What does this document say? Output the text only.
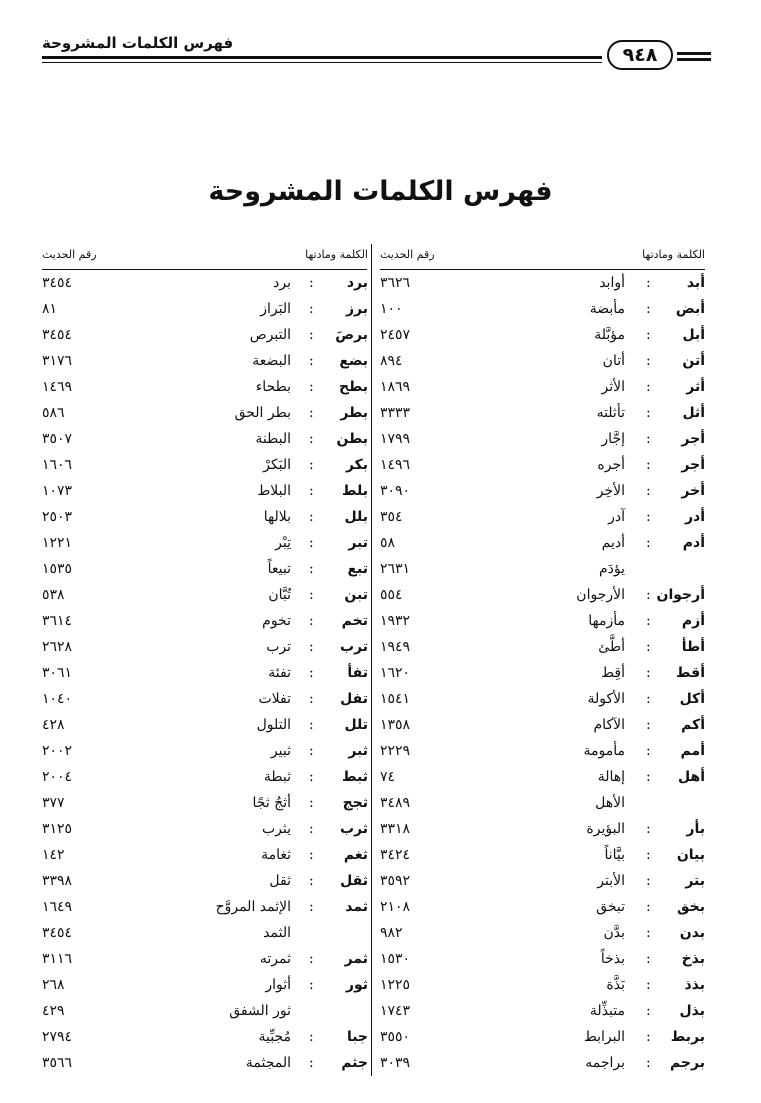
فهرس الكلمات المشروحة
٩٤٨
فهرس الكلمات المشروحة
الكلمة ومادتها
رقم الحديث
الكلمة ومادتها
رقم الحديث
أبد
:
أوابد
٣٦٢٦
برد
:
برد
٣٤٥٤
أبض
:
مأبضة
١٠٠
برز
:
البَراز
٨١
أبل
:
مؤبَّلة
٢٤٥٧
برصَ
:
التبرص
٣٤٥٤
أتن
:
أتان
٨٩٤
بضع
:
البضعة
٣١٧٦
أثر
:
الأثر
١٨٦٩
بطح
:
بطحاء
١٤٦٩
أثل
:
تأثلته
٣٣٣٣
بطر
:
بطر الحق
٥٨٦
أجر
:
إجَّار
١٧٩٩
بطن
:
البطنة
٣٥٠٧
أجر
:
أجره
١٤٩٦
بكر
:
البَكرْ
١٦٠٦
أخر
:
الأخِر
٣٠٩٠
بلط
:
البلاط
١٠٧٣
أدر
:
آدر
٣٥٤
بلل
:
بلالها
٢٥٠٣
أدم
:
أديم
٥٨
تبر
:
تِبْر
١٢٢١
يؤدَم
٢٦٣١
تبع
:
تبيعاً
١٥٣٥
أرجوان
:
الأرجوان
٥٥٤
تبن
:
تُبَّان
٥٣٨
أزم
:
مأزمها
١٩٣٢
تخم
:
تخوم
٣٦١٤
أطأ
:
أطَّئ
١٩٤٩
ترب
:
ترب
٢٦٢٨
أقط
:
أقِط
١٦٢٠
تفأ
:
تفئة
٣٠٦١
أكل
:
الأكولة
١٥٤١
تفل
:
تفلات
١٠٤٠
أكم
:
الآكام
١٣٥٨
تلل
:
التلول
٤٢٨
أمم
:
مأمومة
٢٢٢٩
ثبر
:
ثبير
٢٠٠٢
أهل
:
إهالة
٧٤
ثبط
:
ثبطة
٢٠٠٤
الأهل
٣٤٨٩
ثجج
:
أثجُ ثجًا
٣٧٧
بأر
:
البؤيرة
٣٣١٨
ثرب
:
يثرب
٣١٢٥
بيان
:
بيَّاناً
٣٤٢٤
ثغم
:
ثغامة
١٤٢
بتر
:
الأبتر
٣٥٩٢
ثقل
:
ثقل
٣٣٩٨
بخق
:
تبخق
٢١٠٨
ثمد
:
الإثمد المروَّح
١٦٤٩
بدن
:
بدَّن
٩٨٢
الثمد
٣٤٥٤
بذخ
:
بذخاً
١٥٣٠
ثمر
:
ثمرته
٣١١٦
بذذ
:
بَذَّة
١٢٢٥
ثور
:
أثوار
٢٦٨
بذل
:
متبذِّلة
١٧٤٣
ثور الشفق
٤٢٩
بربط
:
البرابط
٣٥٥٠
جبا
:
مُجبِّية
٢٧٩٤
برجم
:
براجمه
٣٠٣٩
جثم
:
المجثمة
٣٥٦٦
